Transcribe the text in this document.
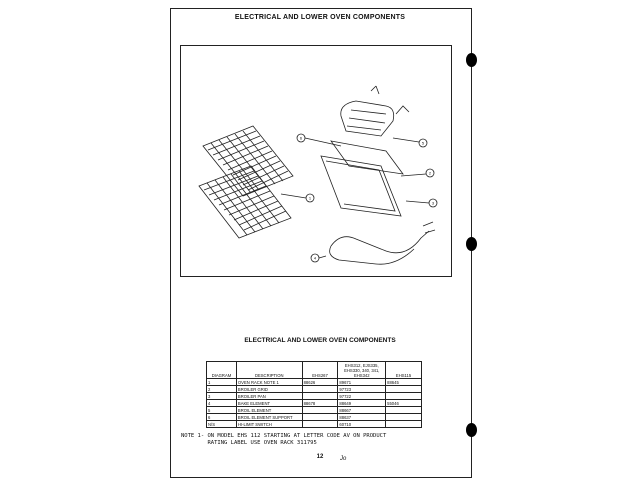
ELECTRICAL AND LOWER OVEN COMPONENTS
1
2
3
4
5
6
ELECTRICAL AND LOWER OVEN COMPONENTS
DIAGRAM	DESCRIPTION	EHS267	EHS312, EJS335, EHS330, 340, 341, EHS342	EHS115
1	OVEN RACK NOTE 1	88626	89671	88645
2	BROILER GRID		97723	
3	BROILER PAN		97722	
4	BAKE ELEMENT	88678	88649	55046
5	BROIL ELEMENT		88667	
6	BROIL ELEMENT SUPPORT		88637	
N/S	HI-LIMIT SWITCH		60710	
NOTE 1- ON MODEL EHS 112 STARTING AT LETTER CODE AV ON PRODUCT
RATING LABEL USE OVEN RACK 311795
12	Jo
